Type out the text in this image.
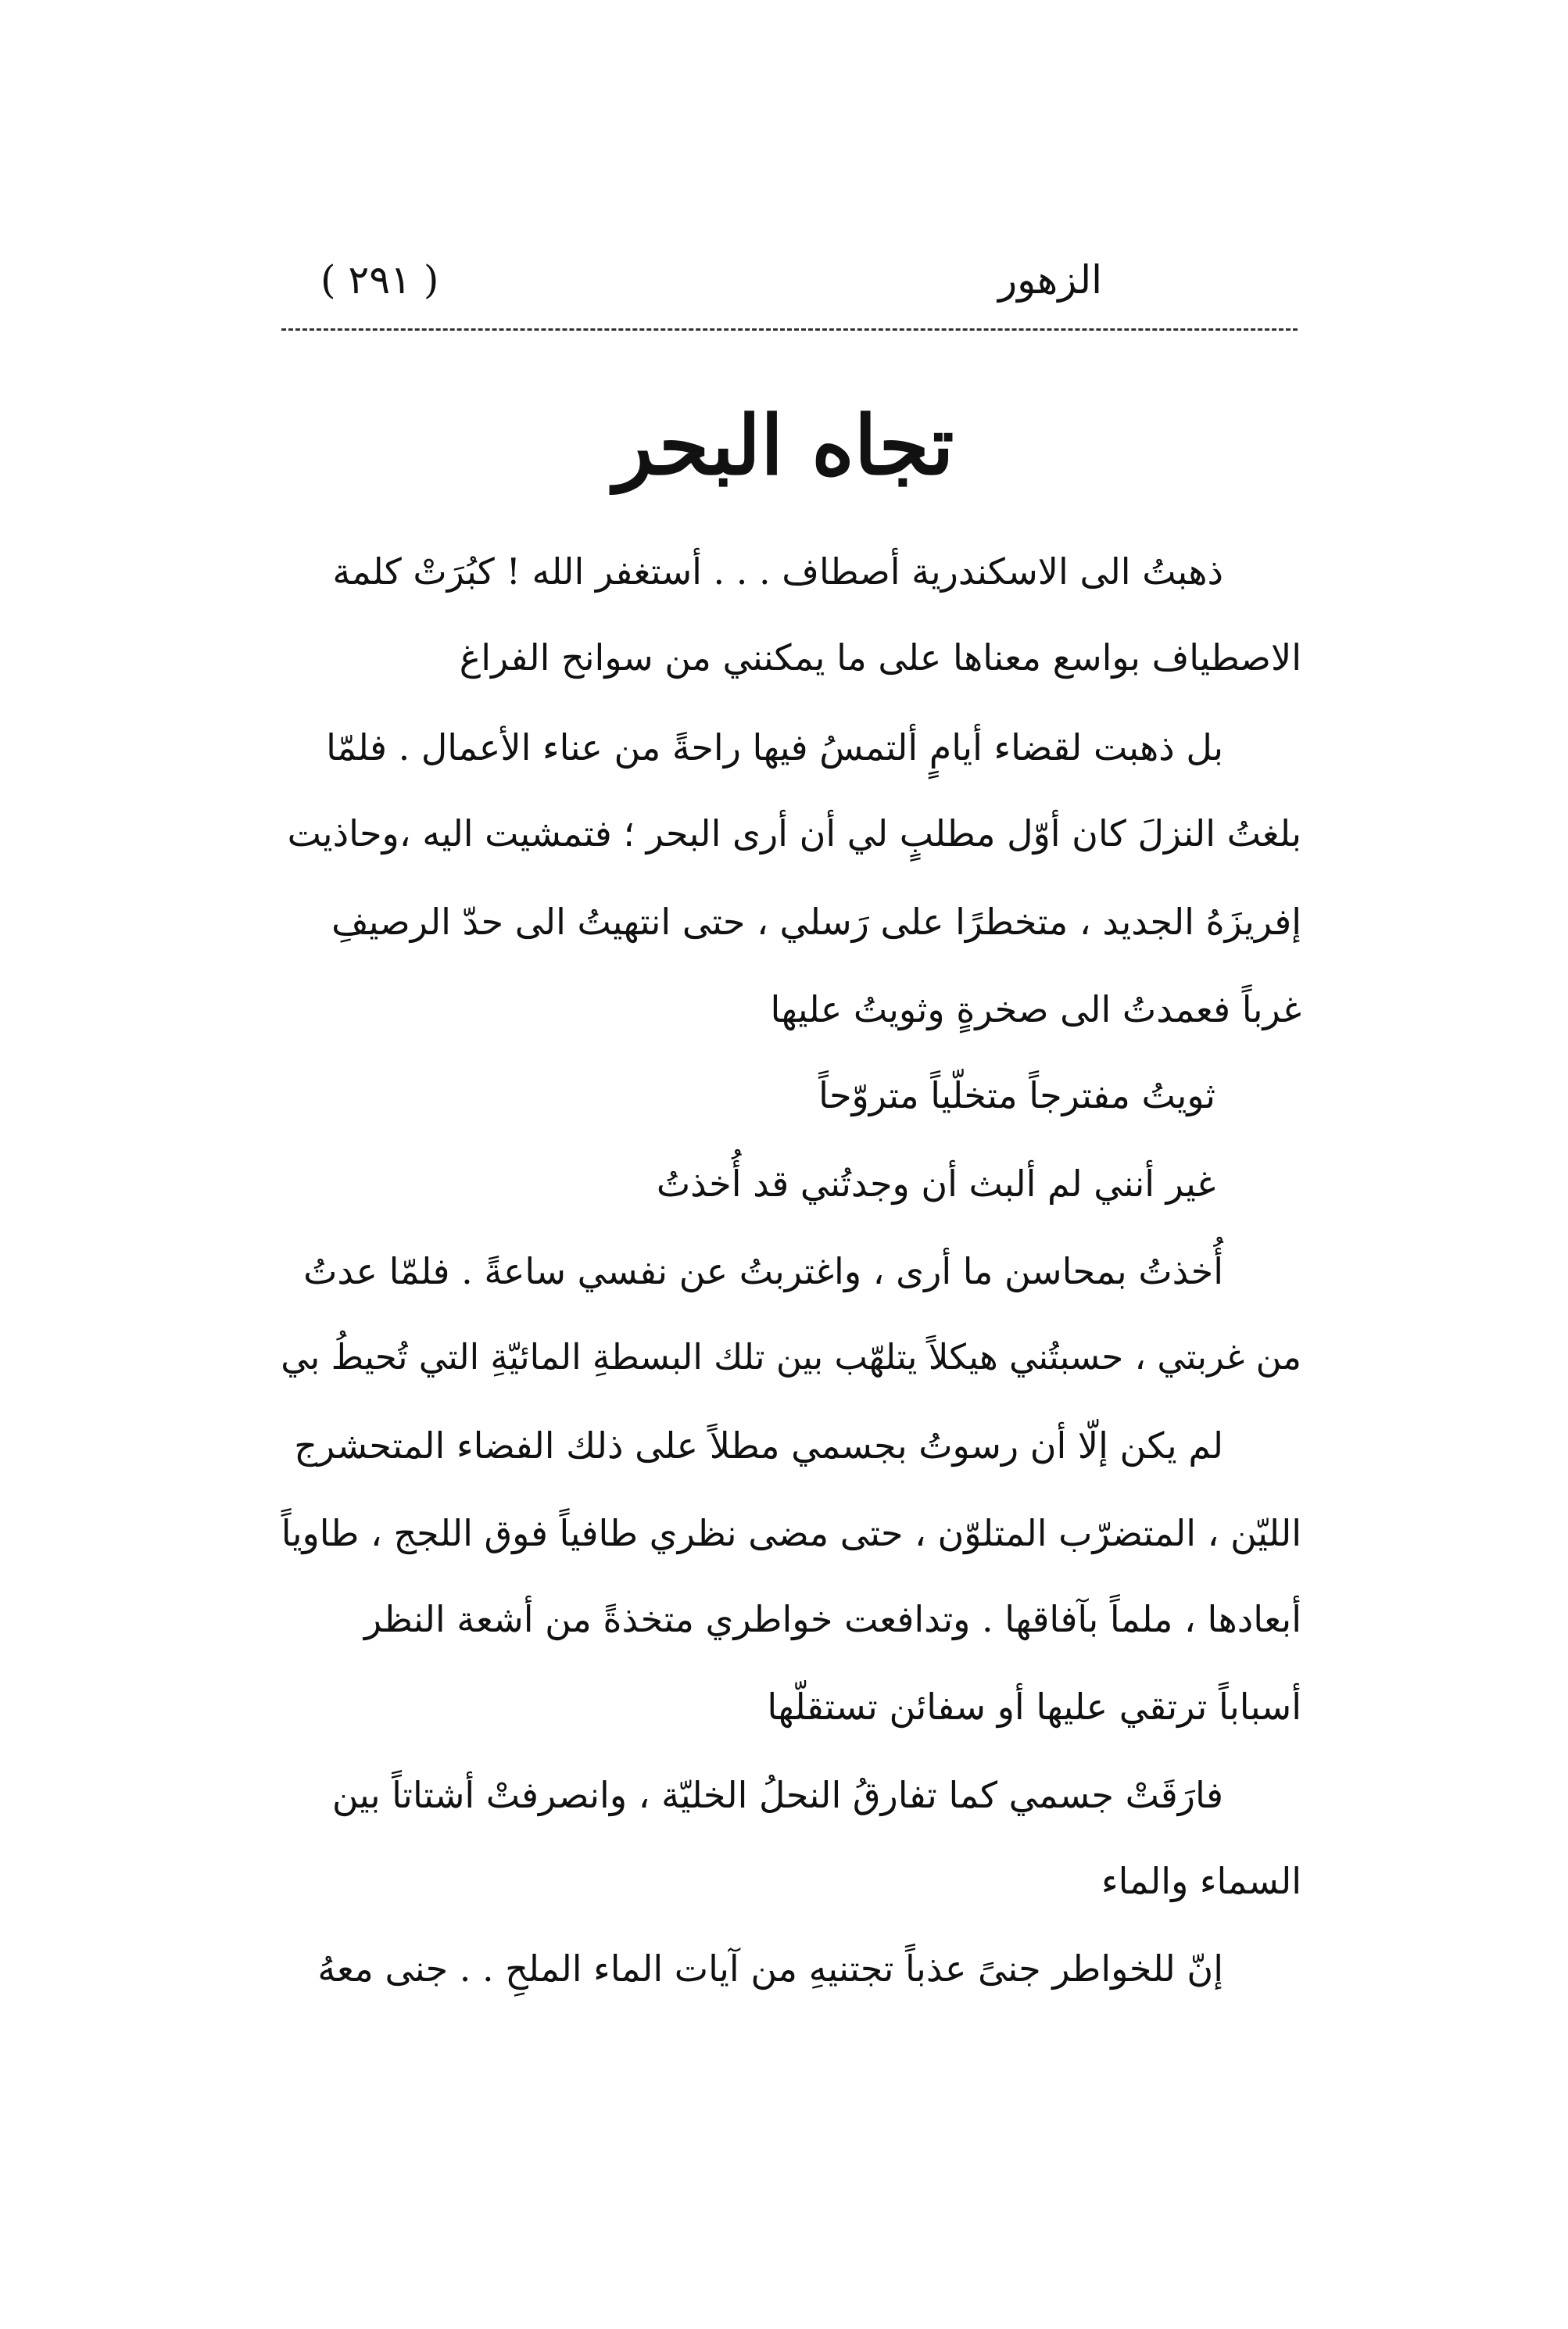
الزهور
( ٢٩١ )
تجاه البحر
ذهبتُ الى الاسكندرية أصطاف . . . أستغفر الله ! كبُرَتْ كلمة
الاصطياف بواسع معناها على ما يمكنني من سوانح الفراغ
بل ذهبت لقضاء أيامٍ ألتمسُ فيها راحةً من عناء الأعمال . فلمّا
بلغتُ النزلَ كان أوّل مطلبٍ لي أن أرى البحر ؛ فتمشيت اليه ،وحاذيت
إفريزَهُ الجديد ، متخطرًا على رَسلي ، حتى انتهيتُ الى حدّ الرصيفِ
غرباً فعمدتُ الى صخرةٍ وثويتُ عليها
ثويتُ مفترجاً متخلّياً متروّحاً
غير أنني لم ألبث أن وجدتُني قد أُخذتُ
أُخذتُ بمحاسن ما أرى ، واغتربتُ عن نفسي ساعةً . فلمّا عدتُ
من غربتي ، حسبتُني هيكلاً يتلهّب بين تلك البسطةِ المائيّةِ التي تُحيطُ بي
لم يكن إلّا أن رسوتُ بجسمي مطلاً على ذلك الفضاء المتحشرج
الليّن ، المتضرّب المتلوّن ، حتى مضى نظري طافياً فوق اللجج ، طاوياً
أبعادها ، ملماً بآفاقها . وتدافعت خواطري متخذةً من أشعة النظر
أسباباً ترتقي عليها أو سفائن تستقلّها
فارَقَتْ جسمي كما تفارقُ النحلُ الخليّة ، وانصرفتْ أشتاتاً بين
السماء والماء
إنّ للخواطر جنىً عذباً تجتنيهِ من آيات الماء الملحِ . . جنى معهُ
